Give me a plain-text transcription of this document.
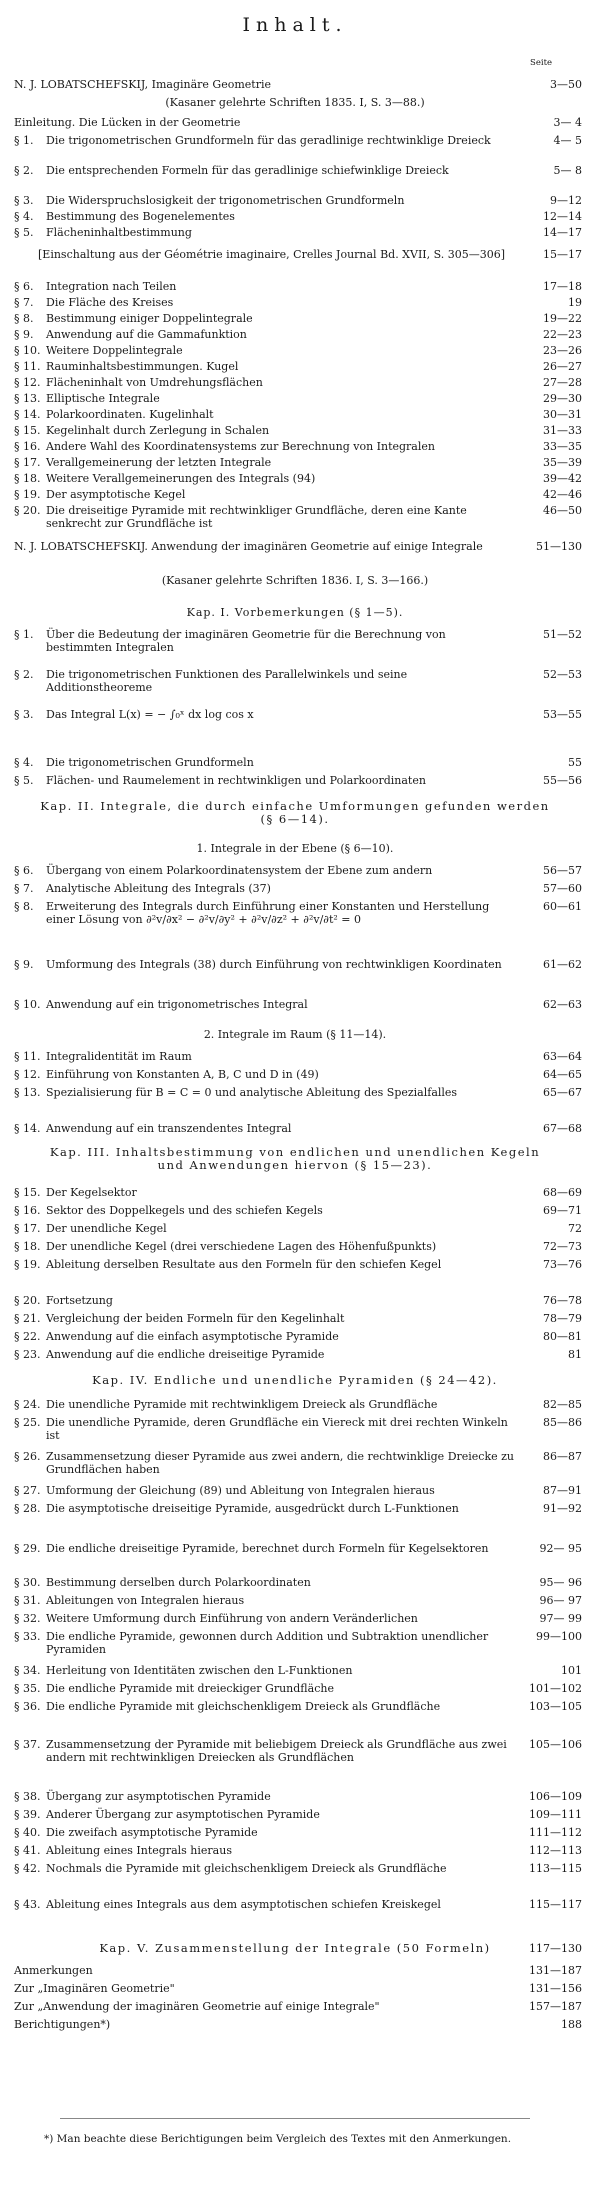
Inhalt.
Seite
N. J. LOBATSCHEFSKIJ, Imaginäre Geometrie	3—50
(Kasaner gelehrte Schriften 1835. I, S. 3—88.)
Einleitung. Die Lücken in der Geometrie	3— 4
§ 1.	Die trigonometrischen Grundformeln für das geradlinige rechtwinklige Dreieck	4— 5
§ 2.	Die entsprechenden Formeln für das geradlinige schiefwinklige Dreieck	5— 8
§ 3.	Die Widerspruchslosigkeit der trigonometrischen Grundformeln	9—12
§ 4.	Bestimmung des Bogenelementes	12—14
§ 5.	Flächeninhaltbestimmung	14—17
[Einschaltung aus der Géométrie imaginaire, Crelles Journal Bd. XVII, S. 305—306]	15—17
§ 6.	Integration nach Teilen	17—18
§ 7.	Die Fläche des Kreises	19
§ 8.	Bestimmung einiger Doppelintegrale	19—22
§ 9.	Anwendung auf die Gammafunktion	22—23
§ 10. Weitere Doppelintegrale	23—26
§ 11. Rauminhaltsbestimmungen. Kugel	26—27
§ 12. Flächeninhalt von Umdrehungsflächen	27—28
§ 13. Elliptische Integrale	29—30
§ 14. Polarkoordinaten. Kugelinhalt	30—31
§ 15. Kegelinhalt durch Zerlegung in Schalen	31—33
§ 16. Andere Wahl des Koordinatensystems zur Berechnung von Integralen	33—35
§ 17. Verallgemeinerung der letzten Integrale	35—39
§ 18. Weitere Verallgemeinerungen des Integrals (94)	39—42
§ 19. Der asymptotische Kegel	42—46
§ 20. Die dreiseitige Pyramide mit rechtwinkliger Grundfläche, deren eine Kante senkrecht zur Grundfläche ist
46—50
N. J. LOBATSCHEFSKIJ. Anwendung der imaginären Geometrie auf einige Integrale	51—130
(Kasaner gelehrte Schriften 1836. I, S. 3—166.)
Kap. I. Vorbemerkungen (§ 1—5).
§ 1.	Über die Bedeutung der imaginären Geometrie für die Berechnung von bestimmten Integralen
51—52
§ 2.	Die trigonometrischen Funktionen des Parallelwinkels und seine Additionstheoreme
52—53
§ 3.	Das Integral L(x) = − ∫₀ˣ dx log cos x	53—55
§ 4.	Die trigonometrischen Grundformeln	55
§ 5.	Flächen- und Raumelement in rechtwinkligen und Polarkoordinaten	55—56
Kap. II. Integrale, die durch einfache Umformungen gefunden werden (§ 6—14).
1. Integrale in der Ebene (§ 6—10).
§ 6.	Übergang von einem Polarkoordinatensystem der Ebene zum andern	56—57
§ 7.	Analytische Ableitung des Integrals (37)	57—60
§ 8.	Erweiterung des Integrals durch Einführung einer Konstanten und Herstellung einer Lösung von ∂²v/∂x² − ∂²v/∂y² + ∂²v/∂z² + ∂²v/∂t² = 0
60—61
§ 9.	Umformung des Integrals (38) durch Einführung von rechtwinkligen Koordinaten	61—62
§ 10. Anwendung auf ein trigonometrisches Integral	62—63
2. Integrale im Raum (§ 11—14).
§ 11. Integralidentität im Raum	63—64
§ 12. Einführung von Konstanten A, B, C und D in (49)	64—65
§ 13. Spezialisierung für B = C = 0 und analytische Ableitung des Spezialfalles	65—67
§ 14. Anwendung auf ein transzendentes Integral	67—68
Kap. III. Inhaltsbestimmung von endlichen und unendlichen Kegeln und Anwendungen hiervon (§ 15—23).
§ 15. Der Kegelsektor	68—69
§ 16. Sektor des Doppelkegels und des schiefen Kegels	69—71
§ 17. Der unendliche Kegel	72
§ 18. Der unendliche Kegel (drei verschiedene Lagen des Höhenfußpunkts)	72—73
§ 19. Ableitung derselben Resultate aus den Formeln für den schiefen Kegel	73—76
§ 20. Fortsetzung	76—78
§ 21. Vergleichung der beiden Formeln für den Kegelinhalt	78—79
§ 22. Anwendung auf die einfach asymptotische Pyramide	80—81
§ 23. Anwendung auf die endliche dreiseitige Pyramide	81
Kap. IV. Endliche und unendliche Pyramiden (§ 24—42).
§ 24. Die unendliche Pyramide mit rechtwinkligem Dreieck als Grundfläche	82—85
§ 25. Die unendliche Pyramide, deren Grundfläche ein Viereck mit drei rechten Winkeln ist
85—86
§ 26. Zusammensetzung dieser Pyramide aus zwei andern, die rechtwinklige Dreiecke zu Grundflächen haben
86—87
§ 27. Umformung der Gleichung (89) und Ableitung von Integralen hieraus	87—91
§ 28. Die asymptotische dreiseitige Pyramide, ausgedrückt durch L-Funktionen	91—92
§ 29. Die endliche dreiseitige Pyramide, berechnet durch Formeln für Kegelsektoren	92— 95
§ 30. Bestimmung derselben durch Polarkoordinaten	95— 96
§ 31. Ableitungen von Integralen hieraus	96— 97
§ 32. Weitere Umformung durch Einführung von andern Veränderlichen	97— 99
§ 33. Die endliche Pyramide, gewonnen durch Addition und Subtraktion unendlicher Pyramiden
99—100
§ 34. Herleitung von Identitäten zwischen den L-Funktionen	101
§ 35. Die endliche Pyramide mit dreieckiger Grundfläche	101—102
§ 36. Die endliche Pyramide mit gleichschenkligem Dreieck als Grundfläche	103—105
§ 37. Zusammensetzung der Pyramide mit beliebigem Dreieck als Grundfläche aus zwei andern mit rechtwinkligen Dreiecken als Grundflächen
105—106
§ 38. Übergang zur asymptotischen Pyramide	106—109
§ 39. Anderer Übergang zur asymptotischen Pyramide	109—111
§ 40. Die zweifach asymptotische Pyramide	111—112
§ 41. Ableitung eines Integrals hieraus	112—113
§ 42. Nochmals die Pyramide mit gleichschenkligem Dreieck als Grundfläche	113—115
§ 43. Ableitung eines Integrals aus dem asymptotischen schiefen Kreiskegel	115—117
Kap. V. Zusammenstellung der Integrale (50 Formeln)	117—130
Anmerkungen	131—187
Zur „Imaginären Geometrie"	131—156
Zur „Anwendung der imaginären Geometrie auf einige Integrale"	157—187
Berichtigungen*)	188
*) Man beachte diese Berichtigungen beim Vergleich des Textes mit den Anmerkungen.
